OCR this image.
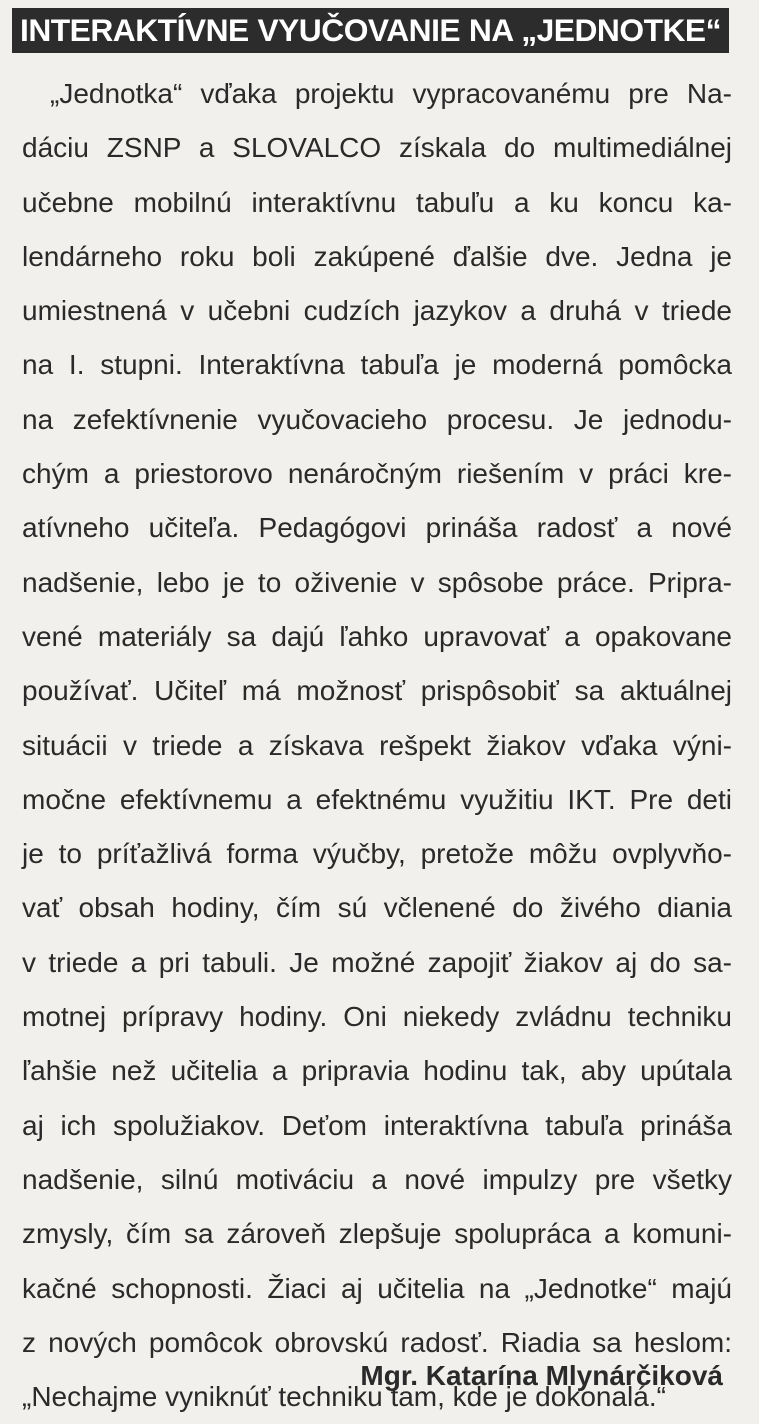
INTERAKTÍVNE VYUČOVANIE NA „JEDNOTKE“
„Jednotka“ vďaka projektu vypracovanému pre Na-
dáciu ZSNP a SLOVALCO získala do multimediálnej
učebne mobilnú interaktívnu tabuľu a ku koncu ka-
lendárneho roku boli zakúpené ďalšie dve. Jedna je
umiestnená v učebni cudzích jazykov a druhá v triede
na I. stupni. Interaktívna tabuľa je moderná pomôcka
na zefektívnenie vyučovacieho procesu. Je jednodu-
chým a priestorovo nenáročným riešením v práci kre-
atívneho učiteľa. Pedagógovi prináša radosť a nové
nadšenie, lebo je to oživenie v spôsobe práce. Pripra-
vené materiály sa dajú ľahko upravovať a opakovane
používať. Učiteľ má možnosť prispôsobiť sa aktuálnej
situácii v triede a získava rešpekt žiakov vďaka výni-
močne efektívnemu a efektnému využitiu IKT. Pre deti
je to príťažlivá forma výučby, pretože môžu ovplyvňo-
vať obsah hodiny, čím sú včlenené do živého diania
v triede a pri tabuli. Je možné zapojiť žiakov aj do sa-
motnej prípravy hodiny. Oni niekedy zvládnu techniku
ľahšie než učitelia a pripravia hodinu tak, aby upútala
aj ich spolužiakov. Deťom interaktívna tabuľa prináša
nadšenie, silnú motiváciu a nové impulzy pre všetky
zmysly, čím sa zároveň zlepšuje spolupráca a komuni-
kačné schopnosti. Žiaci aj učitelia na „Jednotke“ majú
z nových pomôcok obrovskú radosť. Riadia sa heslom:
„Nechajme vyniknúť techniku tam, kde je dokonalá.“
Mgr. Katarína Mlynárčiková
